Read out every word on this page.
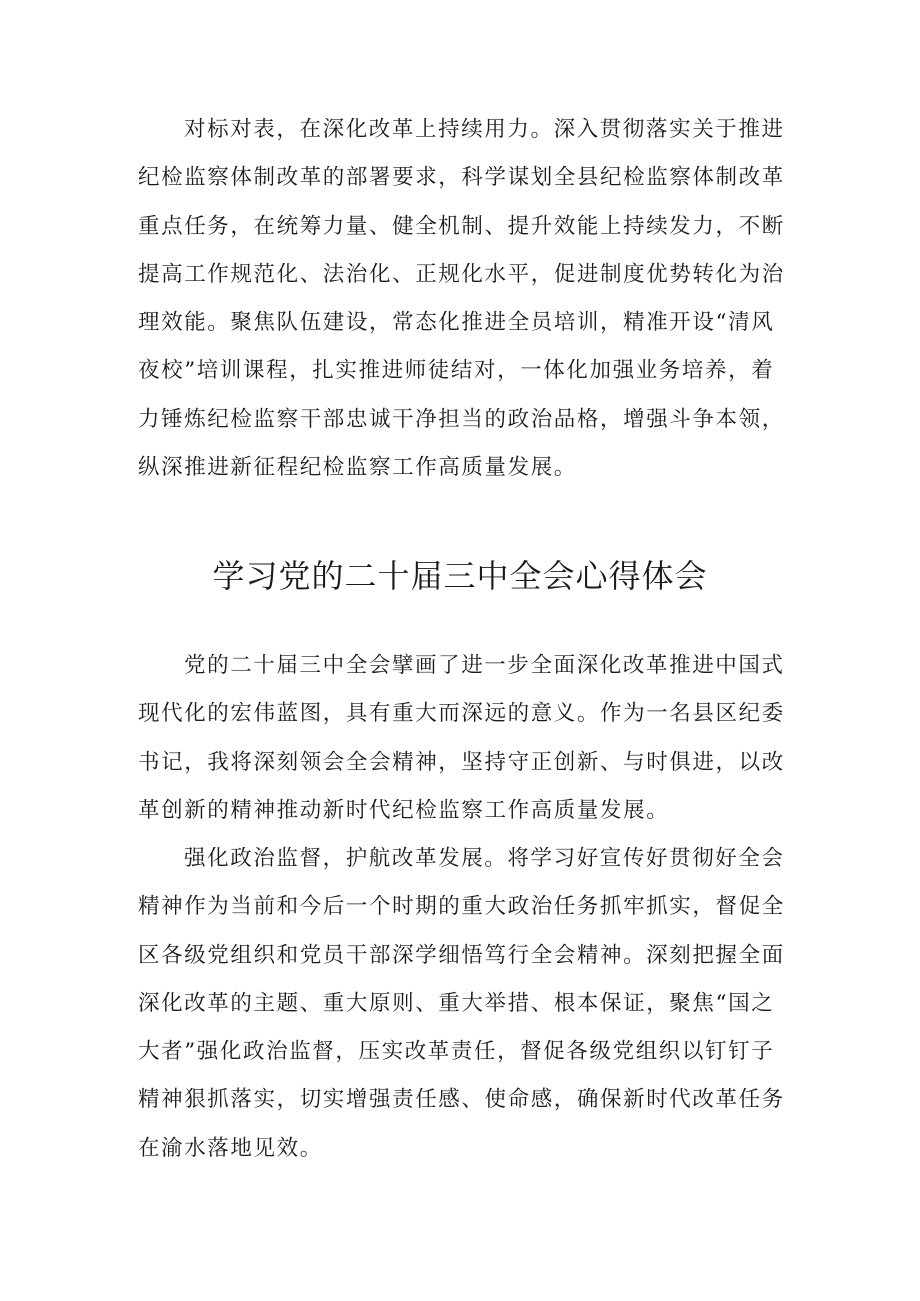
对标对表，在深化改革上持续用力。深入贯彻落实关于推进
纪检监察体制改革的部署要求，科学谋划全县纪检监察体制改革
重点任务，在统筹力量、健全机制、提升效能上持续发力，不断
提高工作规范化、法治化、正规化水平，促进制度优势转化为治
理效能。聚焦队伍建设，常态化推进全员培训，精准开设“清风
夜校”培训课程，扎实推进师徒结对，一体化加强业务培养，着
力锤炼纪检监察干部忠诚干净担当的政治品格，增强斗争本领，
纵深推进新征程纪检监察工作高质量发展。
学习党的二十届三中全会心得体会
党的二十届三中全会擘画了进一步全面深化改革推进中国式
现代化的宏伟蓝图，具有重大而深远的意义。作为一名县区纪委
书记，我将深刻领会全会精神，坚持守正创新、与时俱进，以改
革创新的精神推动新时代纪检监察工作高质量发展。
强化政治监督，护航改革发展。将学习好宣传好贯彻好全会
精神作为当前和今后一个时期的重大政治任务抓牢抓实，督促全
区各级党组织和党员干部深学细悟笃行全会精神。深刻把握全面
深化改革的主题、重大原则、重大举措、根本保证，聚焦“国之
大者”强化政治监督，压实改革责任，督促各级党组织以钉钉子
精神狠抓落实，切实增强责任感、使命感，确保新时代改革任务
在渝水落地见效。
